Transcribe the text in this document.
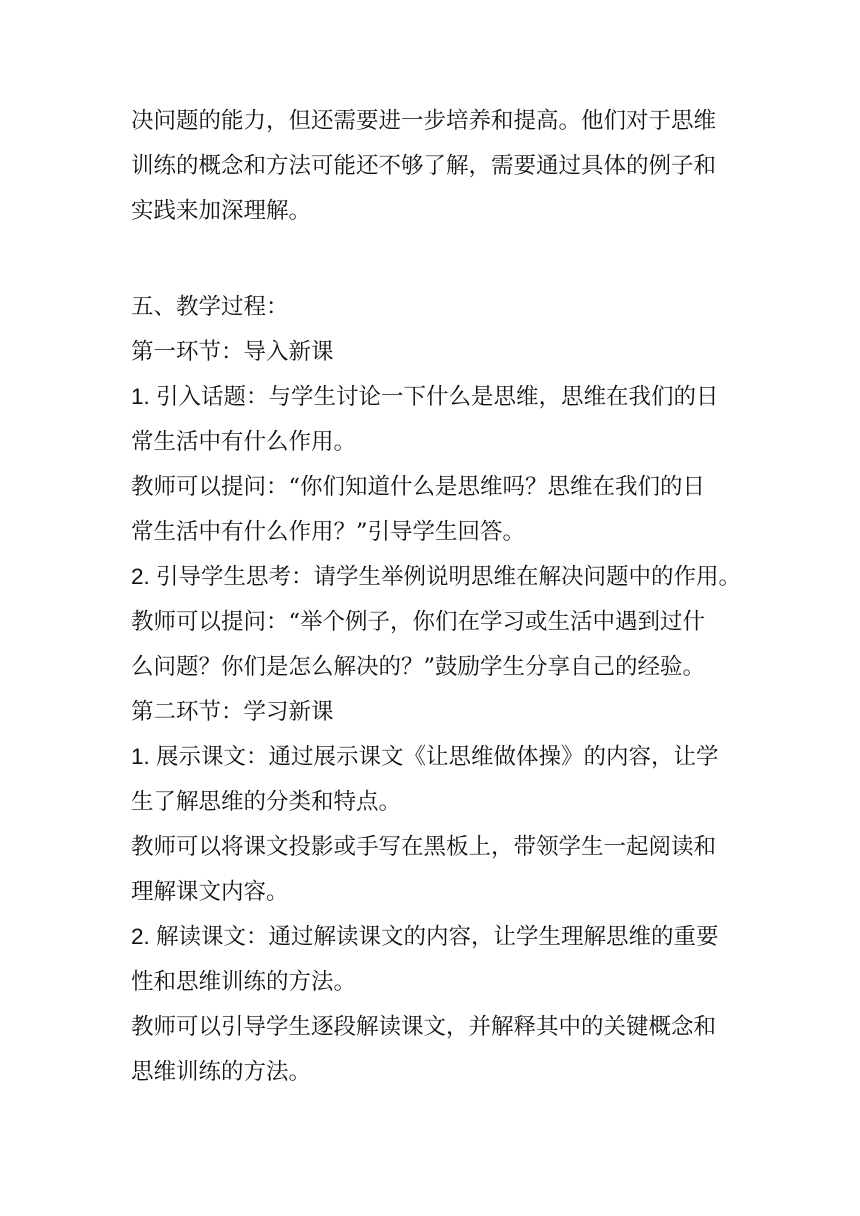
决问题的能力，但还需要进一步培养和提高。他们对于思维

训练的概念和方法可能还不够了解，需要通过具体的例子和

实践来加深理解。

五、教学过程：

第一环节：导入新课

1. 引入话题：与学生讨论一下什么是思维，思维在我们的日

常生活中有什么作用。

教师可以提问：“你们知道什么是思维吗？思维在我们的日

常生活中有什么作用？”引导学生回答。

2. 引导学生思考：请学生举例说明思维在解决问题中的作用。

教师可以提问：“举个例子，你们在学习或生活中遇到过什

么问题？你们是怎么解决的？”鼓励学生分享自己的经验。

第二环节：学习新课

1. 展示课文：通过展示课文《让思维做体操》的内容，让学

生了解思维的分类和特点。

教师可以将课文投影或手写在黑板上，带领学生一起阅读和

理解课文内容。

2. 解读课文：通过解读课文的内容，让学生理解思维的重要

性和思维训练的方法。

教师可以引导学生逐段解读课文，并解释其中的关键概念和

思维训练的方法。
